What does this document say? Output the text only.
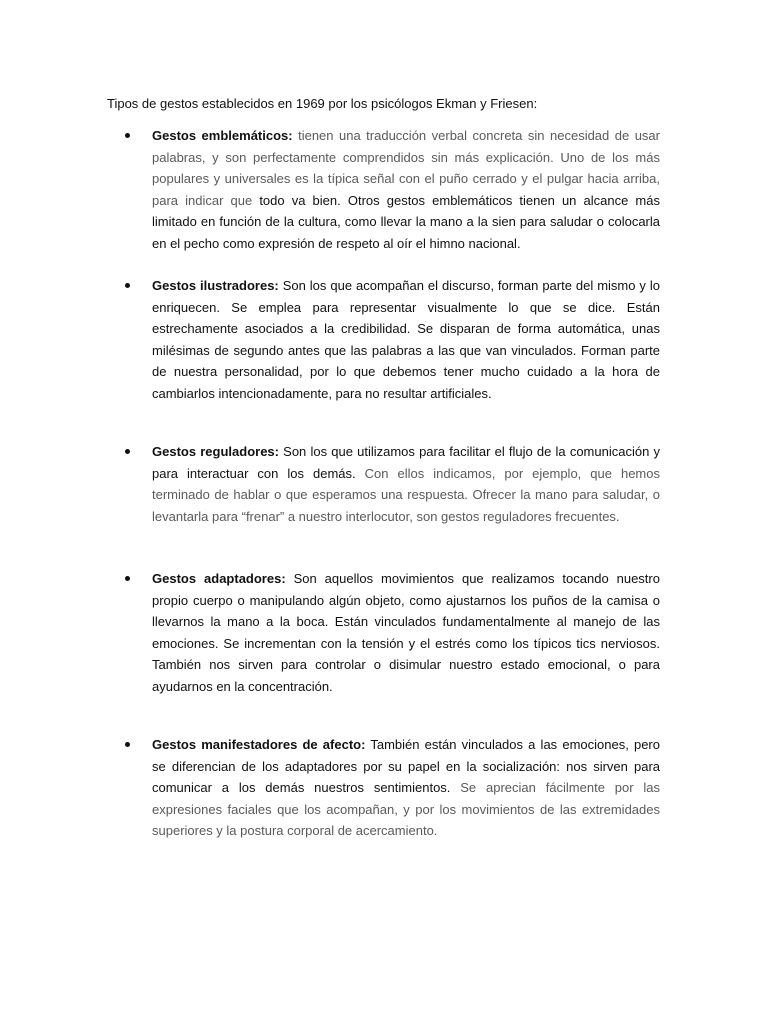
Tipos de gestos establecidos en 1969 por los psicólogos Ekman y Friesen:

Gestos emblemáticos: tienen una traducción verbal concreta sin necesidad de usar palabras, y son perfectamente comprendidos sin más explicación. Uno de los más populares y universales es la típica señal con el puño cerrado y el pulgar hacia arriba, para indicar que todo va bien. Otros gestos emblemáticos tienen un alcance más limitado en función de la cultura, como llevar la mano a la sien para saludar o colocarla en el pecho como expresión de respeto al oír el himno nacional.

Gestos ilustradores: Son los que acompañan el discurso, forman parte del mismo y lo enriquecen. Se emplea para representar visualmente lo que se dice. Están estrechamente asociados a la credibilidad. Se disparan de forma automática, unas milésimas de segundo antes que las palabras a las que van vinculados. Forman parte de nuestra personalidad, por lo que debemos tener mucho cuidado a la hora de cambiarlos intencionadamente, para no resultar artificiales.

Gestos reguladores: Son los que utilizamos para facilitar el flujo de la comunicación y para interactuar con los demás. Con ellos indicamos, por ejemplo, que hemos terminado de hablar o que esperamos una respuesta. Ofrecer la mano para saludar, o levantarla para “frenar” a nuestro interlocutor, son gestos reguladores frecuentes.

Gestos adaptadores: Son aquellos movimientos que realizamos tocando nuestro propio cuerpo o manipulando algún objeto, como ajustarnos los puños de la camisa o llevarnos la mano a la boca. Están vinculados fundamentalmente al manejo de las emociones. Se incrementan con la tensión y el estrés como los típicos tics nerviosos. También nos sirven para controlar o disimular nuestro estado emocional, o para ayudarnos en la concentración.

Gestos manifestadores de afecto: También están vinculados a las emociones, pero se diferencian de los adaptadores por su papel en la socialización: nos sirven para comunicar a los demás nuestros sentimientos. Se aprecian fácilmente por las expresiones faciales que los acompañan, y por los movimientos de las extremidades superiores y la postura corporal de acercamiento.
